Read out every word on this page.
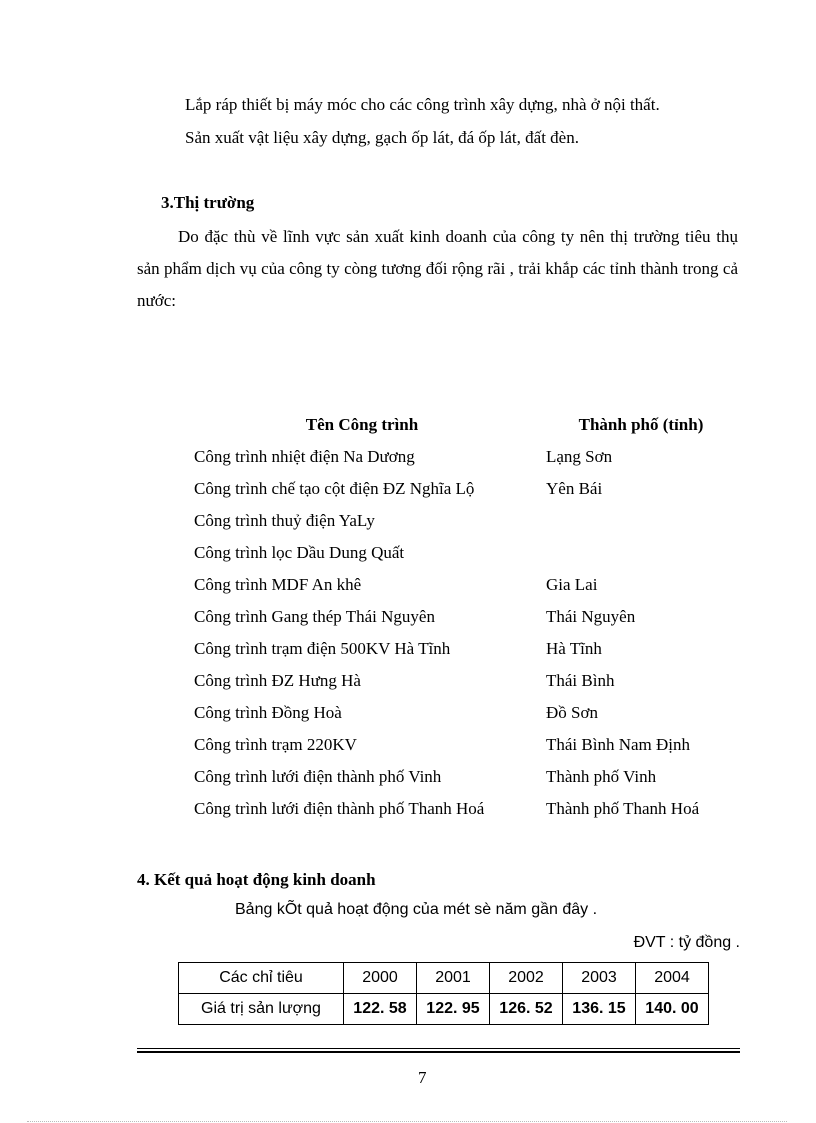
Lắp ráp thiết bị máy móc cho các công trình xây dựng, nhà ở nội thất.
Sản xuất vật liệu xây dựng, gạch ốp lát, đá ốp lát, đất đèn.
3.Thị trường
Do đặc thù về lĩnh vực sản xuất kinh doanh của công ty nên thị trường tiêu thụ sản phẩm dịch vụ của công ty còng tương đối rộng rãi , trải khắp các tỉnh thành trong cả nước:
Tên Công trình	Thành phố (tỉnh)
Công trình nhiệt điện Na Dương	Lạng Sơn
Công trình chế tạo cột điện ĐZ Nghĩa Lộ	Yên Bái
Công trình thuỷ điện YaLy	
Công trình lọc Dầu Dung Quất	
Công trình MDF An khê	Gia Lai
Công trình Gang thép Thái Nguyên	Thái Nguyên
Công trình trạm điện 500KV Hà Tĩnh	Hà Tĩnh
Công trình ĐZ Hưng Hà	Thái Bình
Công trình Đồng Hoà	Đồ Sơn
Công trình trạm 220KV	Thái Bình Nam Định
Công trình lưới điện thành phố Vinh	Thành phố Vinh
Công trình lưới điện thành phố Thanh Hoá	Thành phố Thanh Hoá
4. Kết quả hoạt động kinh doanh
Bảng kÕt quả hoạt động của mét sè năm gần đây .
ĐVT : tỷ đồng .
Các chỉ tiêu	2000	2001	2002	2003	2004
Giá trị sản lượng	122. 58	122. 95	126. 52	136. 15	140. 00
7
